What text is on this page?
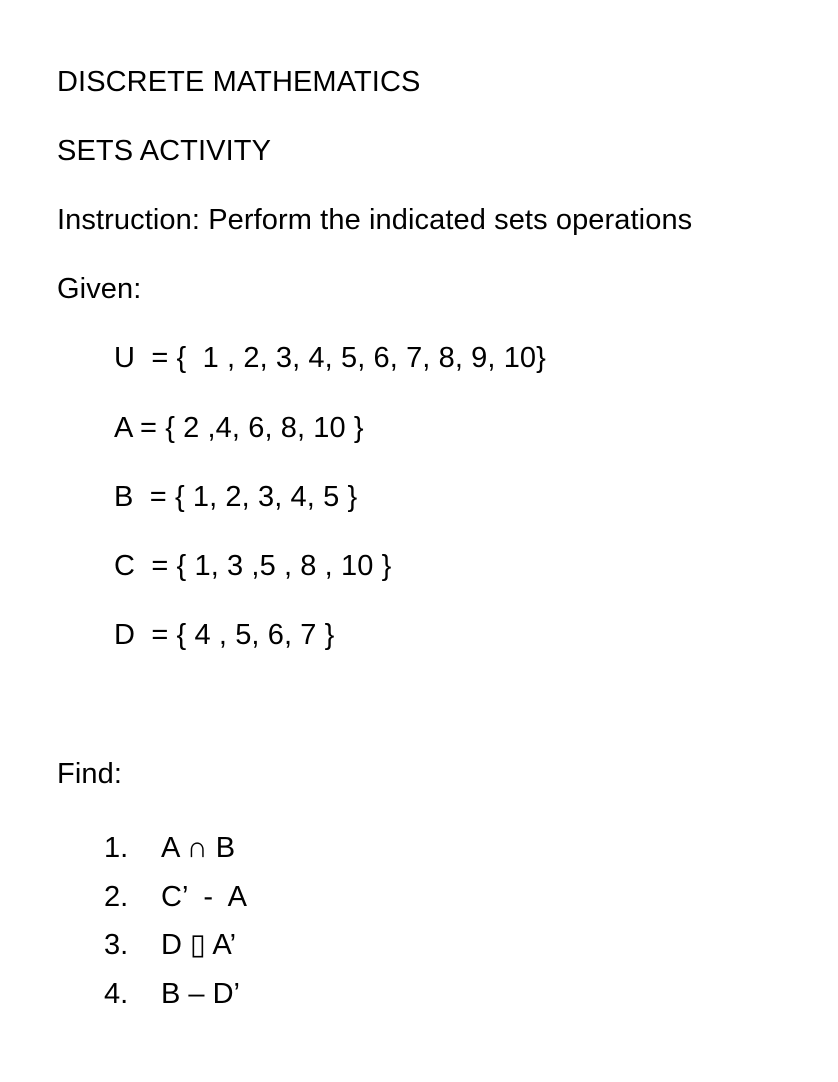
DISCRETE MATHEMATICS
SETS ACTIVITY
Instruction: Perform the indicated sets operations
Given:
U  = {  1 , 2, 3, 4, 5, 6, 7, 8, 9, 10}
A = { 2 ,4, 6, 8, 10 }
B  = { 1, 2, 3, 4, 5 }
C  = { 1, 3 ,5 , 8 , 10 }
D  = { 4 , 5, 6, 7 }
Find:
1. A ∩ B
2. C’  -  A
3. D ▯ A’
4. B – D’
